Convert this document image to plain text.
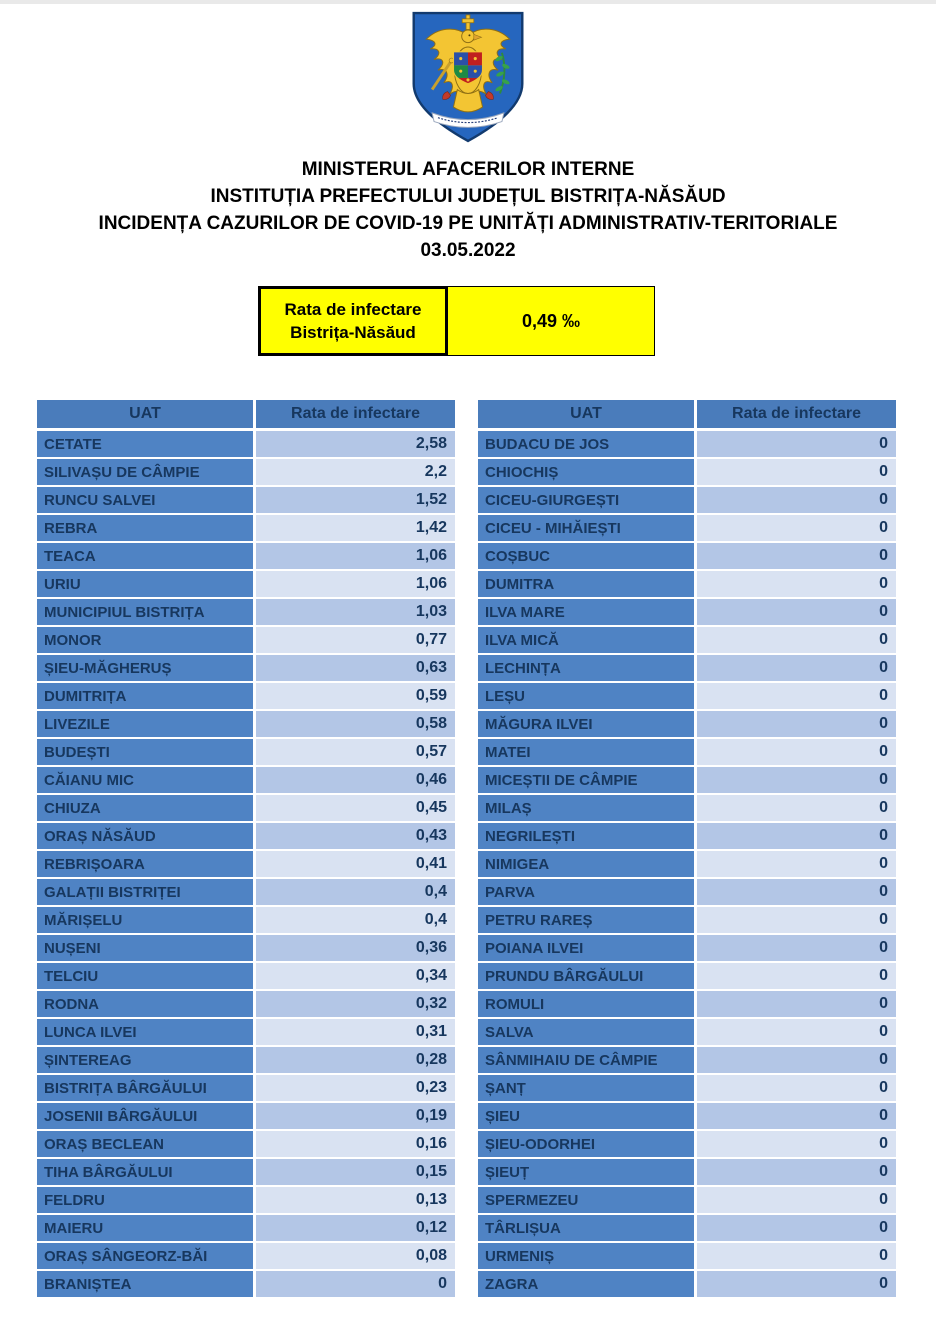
MINISTERUL AFACERILOR INTERNE
INSTITUȚIA PREFECTULUI JUDEȚUL BISTRIȚA-NĂSĂUD
INCIDENȚA CAZURILOR DE COVID-19 PE UNITĂȚI ADMINISTRATIV-TERITORIALE
03.05.2022
Rata de infectare
Bistrița-Năsăud
0,49 ‰
UAT	Rata de infectare
CETATE	2,58
SILIVAȘU DE CÂMPIE	2,2
RUNCU SALVEI	1,52
REBRA	1,42
TEACA	1,06
URIU	1,06
MUNICIPIUL BISTRIȚA	1,03
MONOR	0,77
ȘIEU-MĂGHERUȘ	0,63
DUMITRIȚA	0,59
LIVEZILE	0,58
BUDEȘTI	0,57
CĂIANU MIC	0,46
CHIUZA	0,45
ORAȘ NĂSĂUD	0,43
REBRIȘOARA	0,41
GALAȚII BISTRIȚEI	0,4
MĂRIȘELU	0,4
NUȘENI	0,36
TELCIU	0,34
RODNA	0,32
LUNCA ILVEI	0,31
ȘINTEREAG	0,28
BISTRIȚA BÂRGĂULUI	0,23
JOSENII BÂRGĂULUI	0,19
ORAȘ BECLEAN	0,16
TIHA BÂRGĂULUI	0,15
FELDRU	0,13
MAIERU	0,12
ORAȘ SÂNGEORZ-BĂI	0,08
BRANIȘTEA	0
UAT	Rata de infectare
BUDACU DE JOS	0
CHIOCHIȘ	0
CICEU-GIURGEȘTI	0
CICEU - MIHĂIEȘTI	0
COȘBUC	0
DUMITRA	0
ILVA MARE	0
ILVA MICĂ	0
LECHINȚA	0
LEȘU	0
MĂGURA ILVEI	0
MATEI	0
MICEȘTII DE CÂMPIE	0
MILAȘ	0
NEGRILEȘTI	0
NIMIGEA	0
PARVA	0
PETRU RAREȘ	0
POIANA ILVEI	0
PRUNDU BÂRGĂULUI	0
ROMULI	0
SALVA	0
SÂNMIHAIU DE CÂMPIE	0
ȘANȚ	0
ȘIEU	0
ȘIEU-ODORHEI	0
ȘIEUȚ	0
SPERMEZEU	0
TÂRLIȘUA	0
URMENIȘ	0
ZAGRA	0
